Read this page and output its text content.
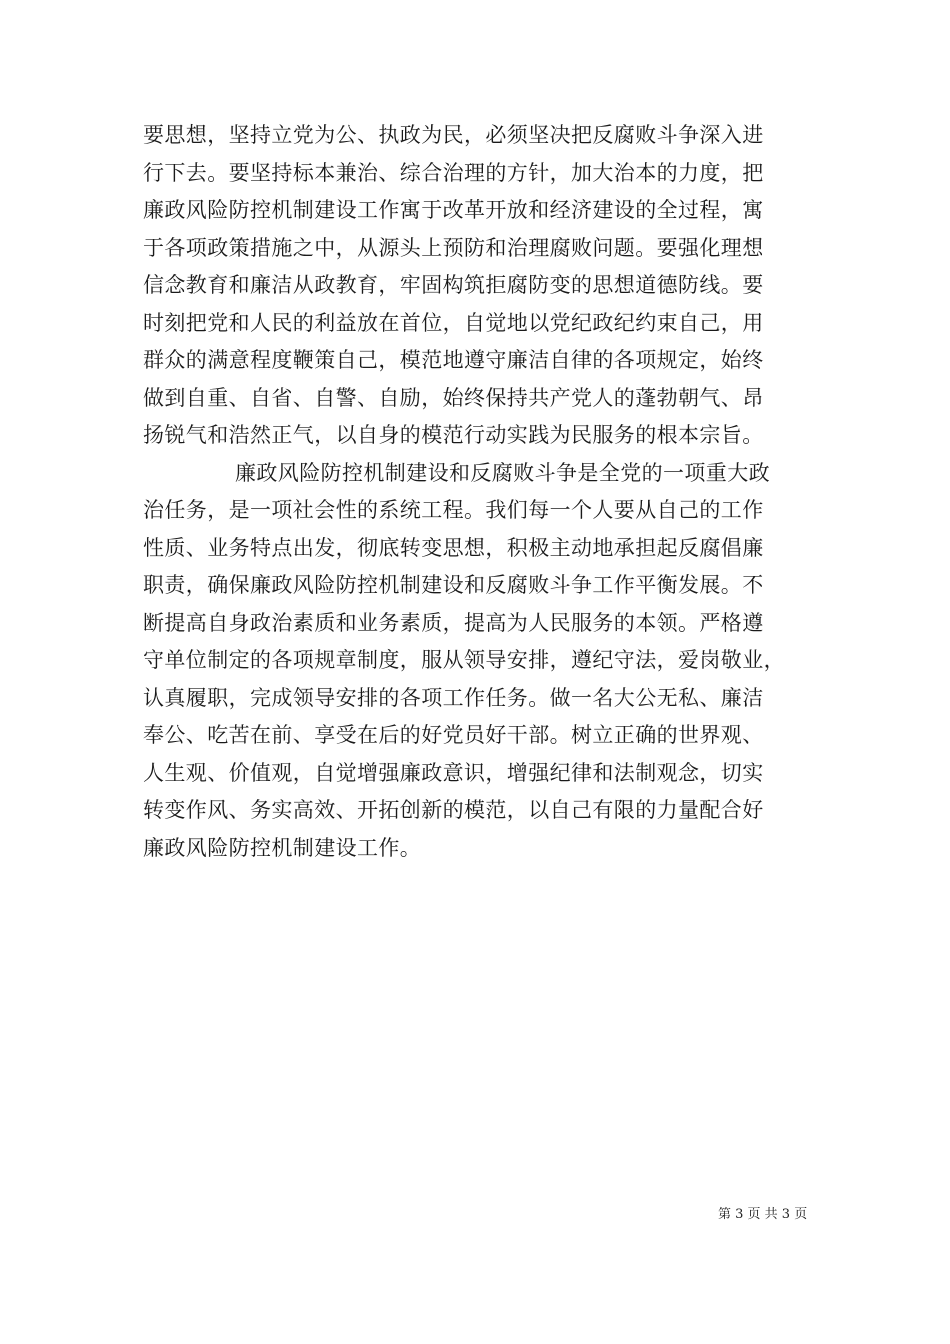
要思想，坚持立党为公、执政为民，必须坚决把反腐败斗争深入进
行下去。要坚持标本兼治、综合治理的方针，加大治本的力度，把
廉政风险防控机制建设工作寓于改革开放和经济建设的全过程，寓
于各项政策措施之中，从源头上预防和治理腐败问题。要强化理想
信念教育和廉洁从政教育，牢固构筑拒腐防变的思想道德防线。要
时刻把党和人民的利益放在首位，自觉地以党纪政纪约束自己，用
群众的满意程度鞭策自己，模范地遵守廉洁自律的各项规定，始终
做到自重、自省、自警、自励，始终保持共产党人的蓬勃朝气、昂
扬锐气和浩然正气，以自身的模范行动实践为民服务的根本宗旨。
廉政风险防控机制建设和反腐败斗争是全党的一项重大政
治任务，是一项社会性的系统工程。我们每一个人要从自己的工作
性质、业务特点出发，彻底转变思想，积极主动地承担起反腐倡廉
职责，确保廉政风险防控机制建设和反腐败斗争工作平衡发展。不
断提高自身政治素质和业务素质，提高为人民服务的本领。严格遵
守单位制定的各项规章制度，服从领导安排，遵纪守法，爱岗敬业，
认真履职，完成领导安排的各项工作任务。做一名大公无私、廉洁
奉公、吃苦在前、享受在后的好党员好干部。树立正确的世界观、
人生观、价值观，自觉增强廉政意识，增强纪律和法制观念，切实
转变作风、务实高效、开拓创新的模范，以自己有限的力量配合好
廉政风险防控机制建设工作。
第 3 页 共 3 页
